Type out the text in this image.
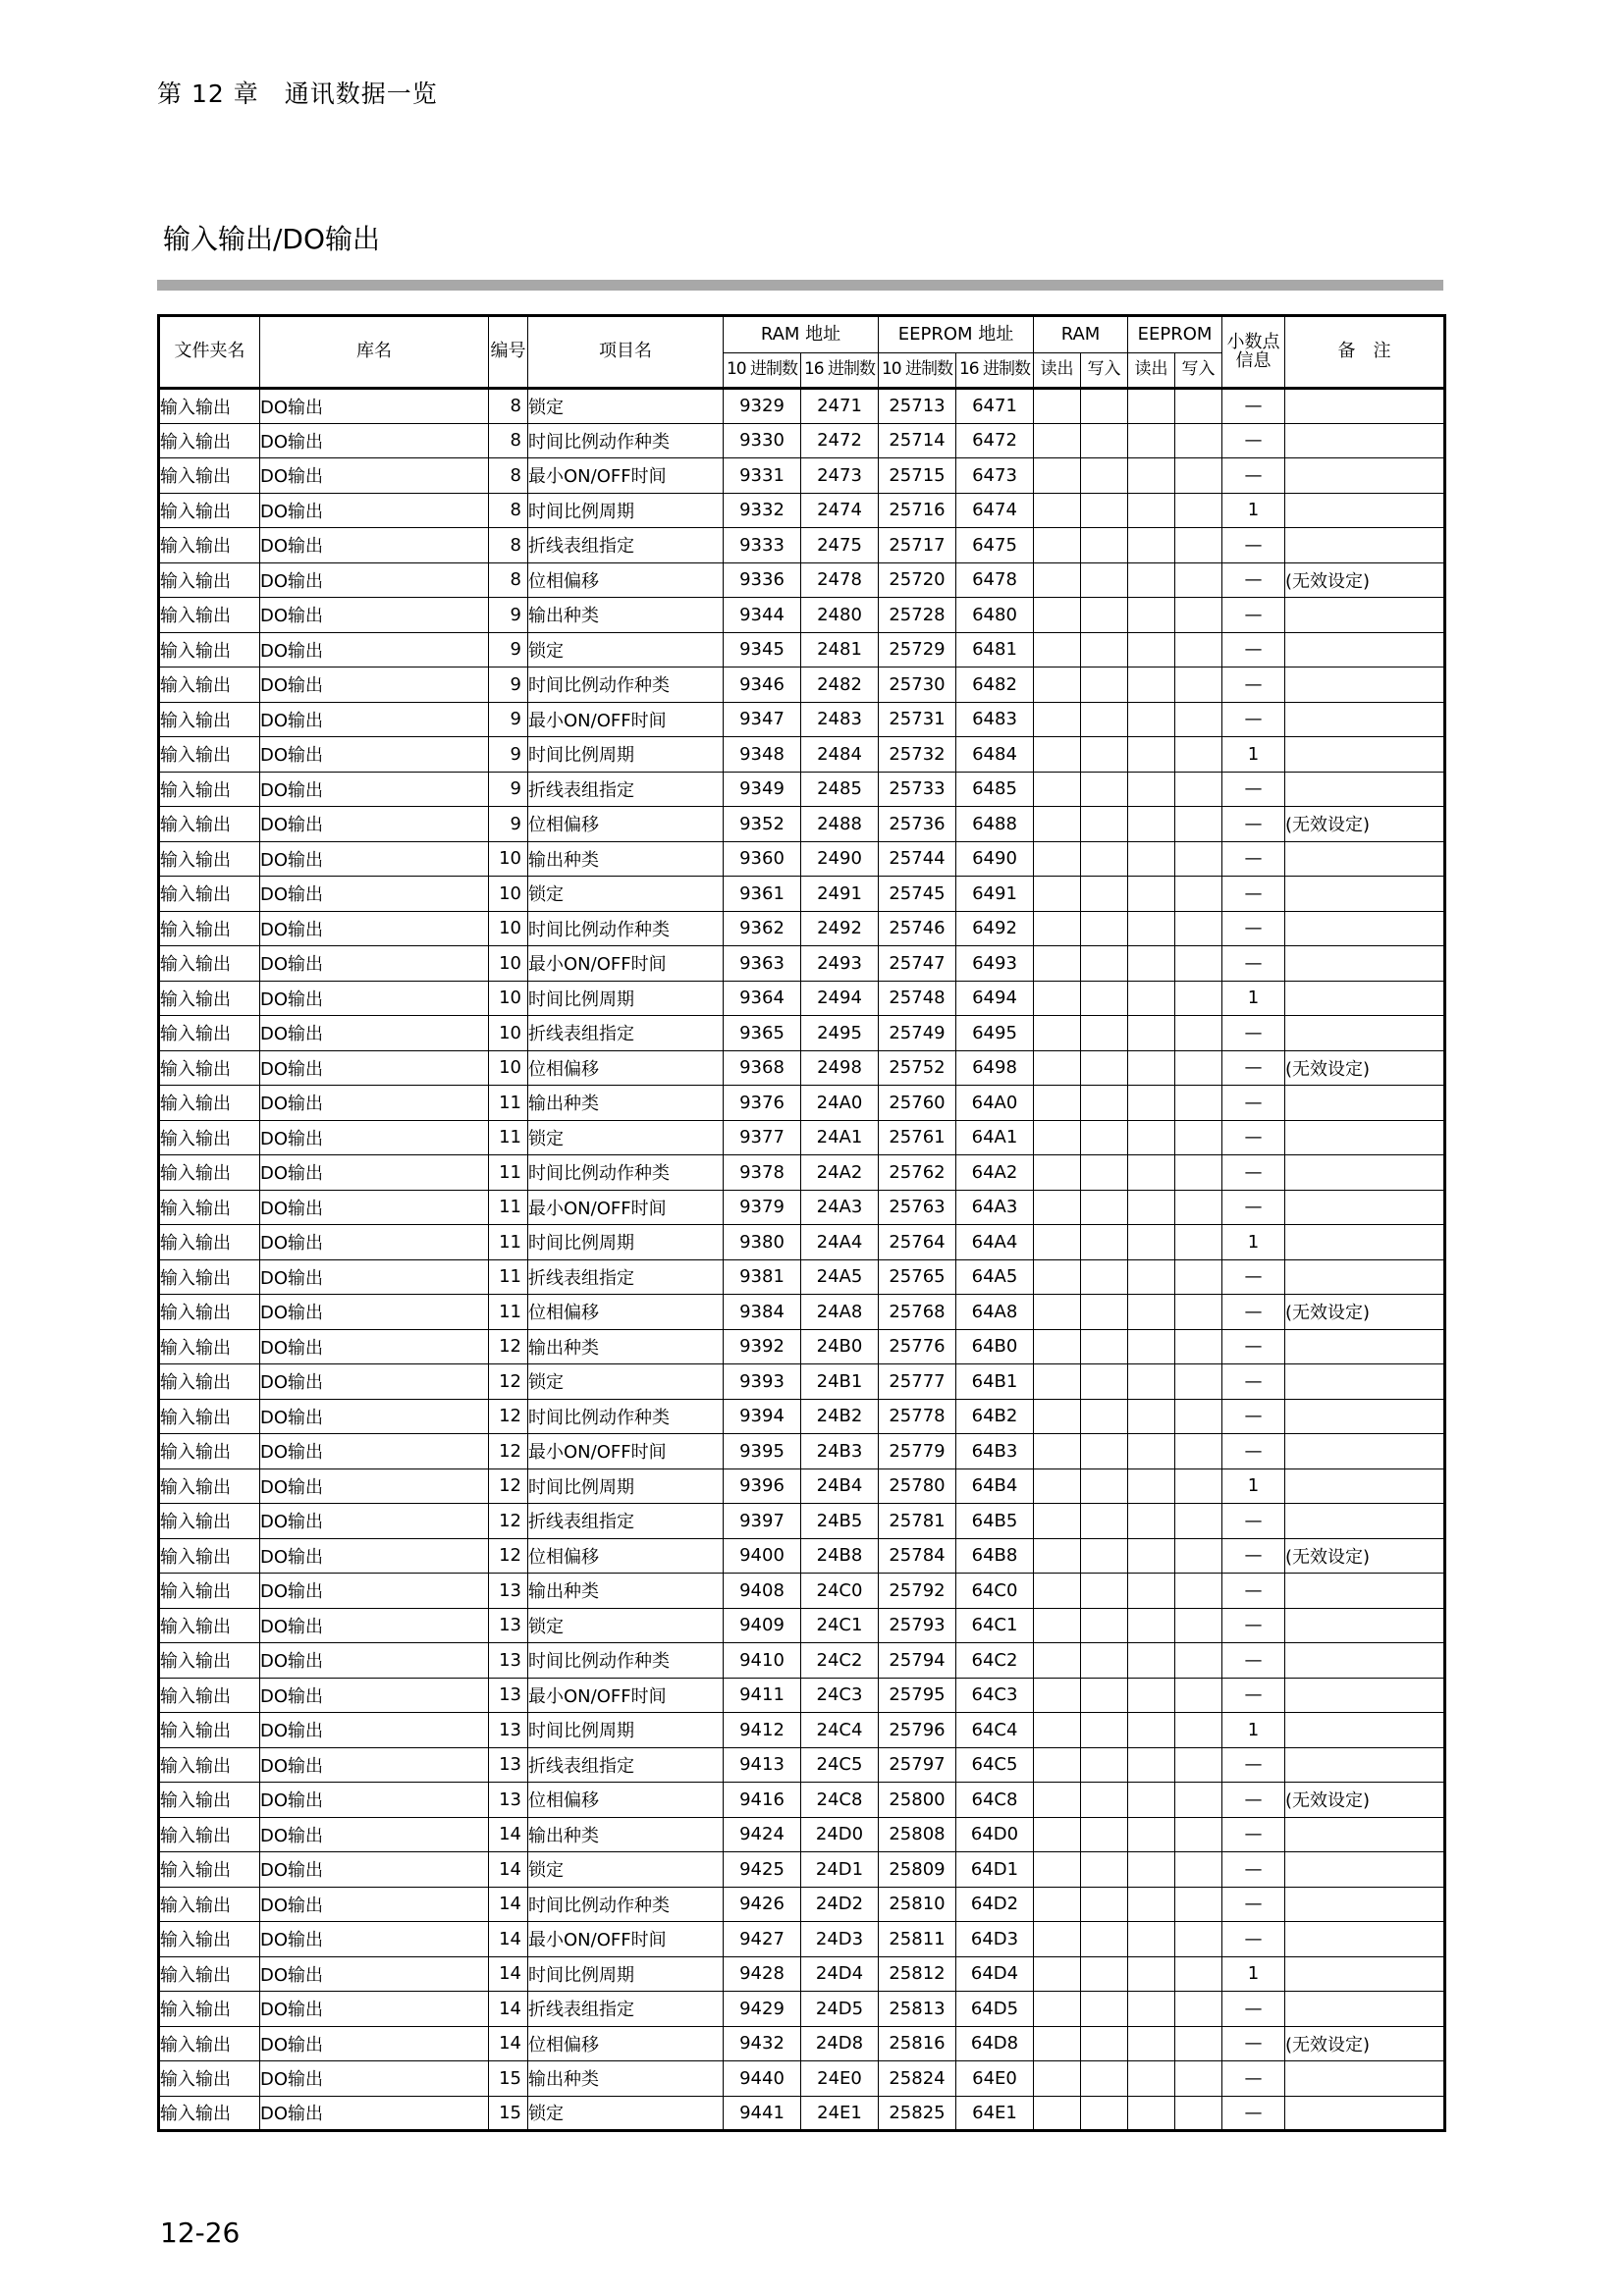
第 12 章　通讯数据一览
输入输出/DO输出
文件夹名	库名	编号	项目名	RAM 地址		EEPROM 地址		RAM		EEPROM		小数点信息	备　注
				10 进制数	16 进制数	10 进制数	16 进制数	读出	写入	读出	写入		
输入输出	DO输出	8	锁定	9329	2471	25713	6471					—	
输入输出	DO输出	8	时间比例动作种类	9330	2472	25714	6472					—	
输入输出	DO输出	8	最小ON/OFF时间	9331	2473	25715	6473					—	
输入输出	DO输出	8	时间比例周期	9332	2474	25716	6474					1	
输入输出	DO输出	8	折线表组指定	9333	2475	25717	6475					—	
输入输出	DO输出	8	位相偏移	9336	2478	25720	6478					—	(无效设定)
输入输出	DO输出	9	输出种类	9344	2480	25728	6480					—	
输入输出	DO输出	9	锁定	9345	2481	25729	6481					—	
输入输出	DO输出	9	时间比例动作种类	9346	2482	25730	6482					—	
输入输出	DO输出	9	最小ON/OFF时间	9347	2483	25731	6483					—	
输入输出	DO输出	9	时间比例周期	9348	2484	25732	6484					1	
输入输出	DO输出	9	折线表组指定	9349	2485	25733	6485					—	
输入输出	DO输出	9	位相偏移	9352	2488	25736	6488					—	(无效设定)
输入输出	DO输出	10	输出种类	9360	2490	25744	6490					—	
输入输出	DO输出	10	锁定	9361	2491	25745	6491					—	
输入输出	DO输出	10	时间比例动作种类	9362	2492	25746	6492					—	
输入输出	DO输出	10	最小ON/OFF时间	9363	2493	25747	6493					—	
输入输出	DO输出	10	时间比例周期	9364	2494	25748	6494					1	
输入输出	DO输出	10	折线表组指定	9365	2495	25749	6495					—	
输入输出	DO输出	10	位相偏移	9368	2498	25752	6498					—	(无效设定)
输入输出	DO输出	11	输出种类	9376	24A0	25760	64A0					—	
输入输出	DO输出	11	锁定	9377	24A1	25761	64A1					—	
输入输出	DO输出	11	时间比例动作种类	9378	24A2	25762	64A2					—	
输入输出	DO输出	11	最小ON/OFF时间	9379	24A3	25763	64A3					—	
输入输出	DO输出	11	时间比例周期	9380	24A4	25764	64A4					1	
输入输出	DO输出	11	折线表组指定	9381	24A5	25765	64A5					—	
输入输出	DO输出	11	位相偏移	9384	24A8	25768	64A8					—	(无效设定)
输入输出	DO输出	12	输出种类	9392	24B0	25776	64B0					—	
输入输出	DO输出	12	锁定	9393	24B1	25777	64B1					—	
输入输出	DO输出	12	时间比例动作种类	9394	24B2	25778	64B2					—	
输入输出	DO输出	12	最小ON/OFF时间	9395	24B3	25779	64B3					—	
输入输出	DO输出	12	时间比例周期	9396	24B4	25780	64B4					1	
输入输出	DO输出	12	折线表组指定	9397	24B5	25781	64B5					—	
输入输出	DO输出	12	位相偏移	9400	24B8	25784	64B8					—	(无效设定)
输入输出	DO输出	13	输出种类	9408	24C0	25792	64C0					—	
输入输出	DO输出	13	锁定	9409	24C1	25793	64C1					—	
输入输出	DO输出	13	时间比例动作种类	9410	24C2	25794	64C2					—	
输入输出	DO输出	13	最小ON/OFF时间	9411	24C3	25795	64C3					—	
输入输出	DO输出	13	时间比例周期	9412	24C4	25796	64C4					1	
输入输出	DO输出	13	折线表组指定	9413	24C5	25797	64C5					—	
输入输出	DO输出	13	位相偏移	9416	24C8	25800	64C8					—	(无效设定)
输入输出	DO输出	14	输出种类	9424	24D0	25808	64D0					—	
输入输出	DO输出	14	锁定	9425	24D1	25809	64D1					—	
输入输出	DO输出	14	时间比例动作种类	9426	24D2	25810	64D2					—	
输入输出	DO输出	14	最小ON/OFF时间	9427	24D3	25811	64D3					—	
输入输出	DO输出	14	时间比例周期	9428	24D4	25812	64D4					1	
输入输出	DO输出	14	折线表组指定	9429	24D5	25813	64D5					—	
输入输出	DO输出	14	位相偏移	9432	24D8	25816	64D8					—	(无效设定)
输入输出	DO输出	15	输出种类	9440	24E0	25824	64E0					—	
输入输出	DO输出	15	锁定	9441	24E1	25825	64E1					—	
12-26
